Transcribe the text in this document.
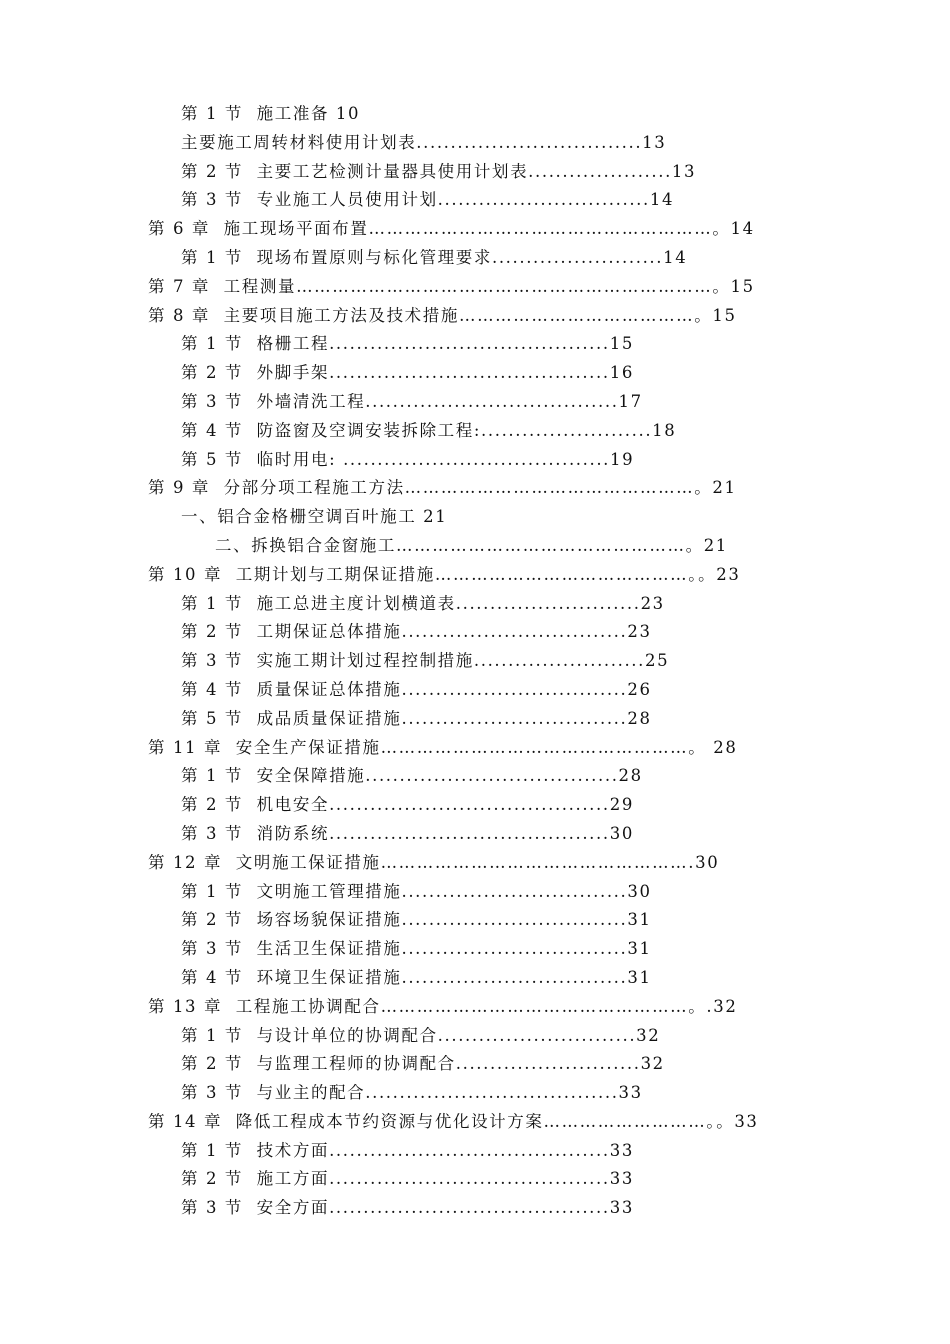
第 1 节  施工准备 10
主要施工周转材料使用计划表.................................13
第 2 节  主要工艺检测计量器具使用计划表.....................13
第 3 节  专业施工人员使用计划...............................14
第 6 章  施工现场平面布置…………………………………………………。14
第 1 节  现场布置原则与标化管理要求.........................14
第 7 章  工程测量……………………………………………………………。15
第 8 章  主要项目施工方法及技术措施…………………………………。15
第 1 节  格栅工程.........................................15
第 2 节  外脚手架.........................................16
第 3 节  外墙清洗工程.....................................17
第 4 节  防盗窗及空调安装拆除工程:.........................18
第 5 节  临时用电: .......................................19
第 9 章  分部分项工程施工方法…………………………………………。21
一、铝合金格栅空调百叶施工 21
二、拆换铝合金窗施工…………………………………………。21
第 10 章  工期计划与工期保证措施……………………………………。。23
第 1 节  施工总进主度计划横道表...........................23
第 2 节  工期保证总体措施.................................23
第 3 节  实施工期计划过程控制措施.........................25
第 4 节  质量保证总体措施.................................26
第 5 节  成品质量保证措施.................................28
第 11 章  安全生产保证措施……………………………………………。 28
第 1 节  安全保障措施.....................................28
第 2 节  机电安全.........................................29
第 3 节  消防系统.........................................30
第 12 章  文明施工保证措施…………………………………………….30
第 1 节  文明施工管理措施.................................30
第 2 节  场容场貌保证措施.................................31
第 3 节  生活卫生保证措施.................................31
第 4 节  环境卫生保证措施.................................31
第 13 章  工程施工协调配合……………………………………………。.32
第 1 节  与设计单位的协调配合.............................32
第 2 节  与监理工程师的协调配合...........................32
第 3 节  与业主的配合.....................................33
第 14 章  降低工程成本节约资源与优化设计方案………………………。。33
第 1 节  技术方面.........................................33
第 2 节  施工方面.........................................33
第 3 节  安全方面.........................................33
